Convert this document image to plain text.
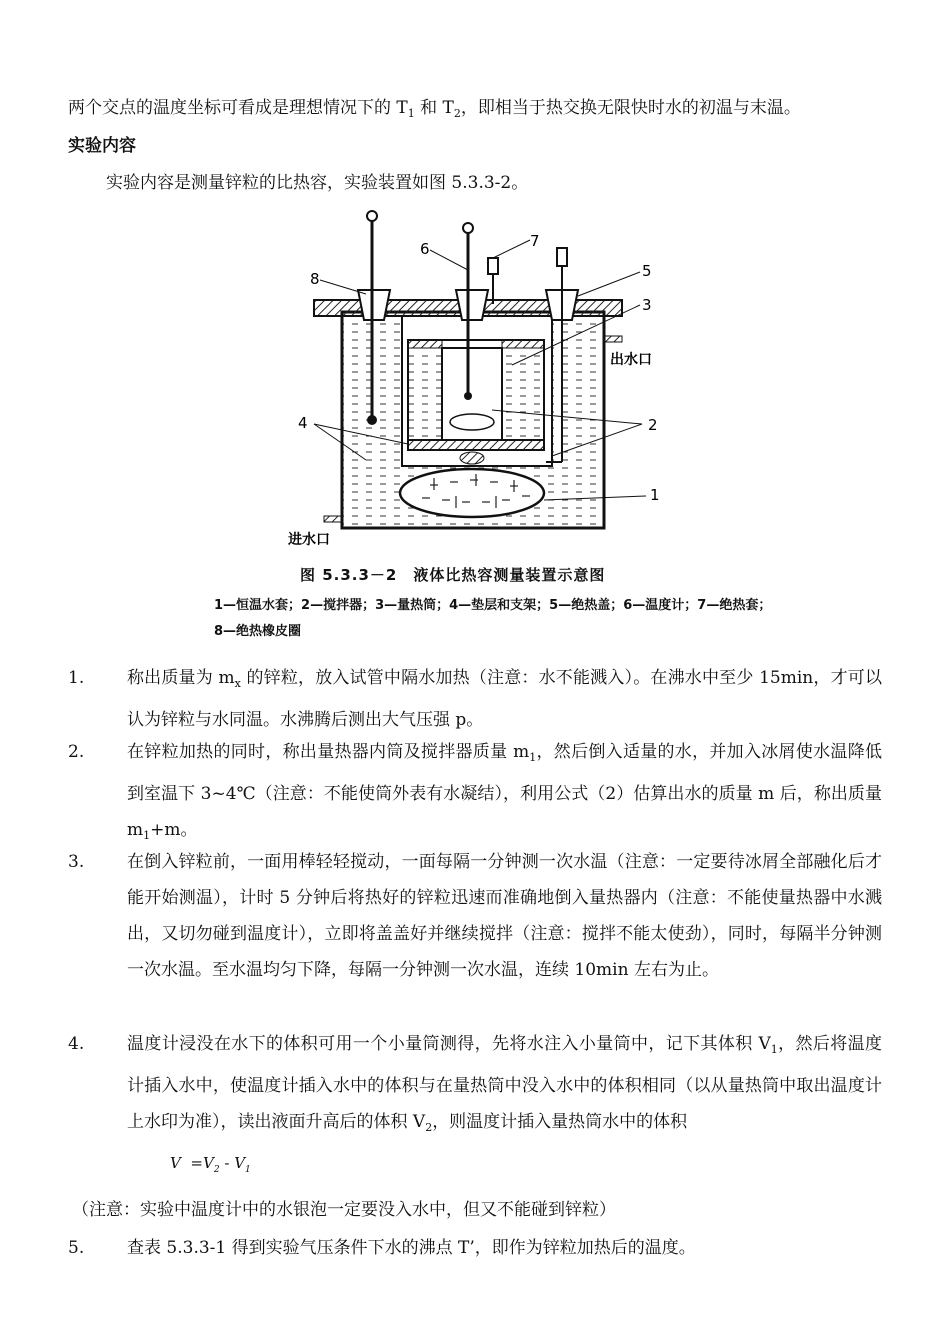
两个交点的温度坐标可看成是理想情况下的 $T_1$ 和 $T_2$，即相当于热交换无限快时水的初温与末温。
实验内容
实验内容是测量锌粒的比热容，实验装置如图 5.3.3-2。
8
6	7
5
3
出水口
4	2
1
进水口
图 5.3.3－2　液体比热容测量装置示意图
1—恒温水套；2—搅拌器；3—量热筒；4—垫层和支架；5—绝热盖；6—温度计；7—绝热套；8—绝热橡皮圈
1.	称出质量为 $m_x$ 的锌粒，放入试管中隔水加热（注意：水不能溅入）。在沸水中至少 15min，才可以认为锌粒与水同温。水沸腾后测出大气压强 p。
2.	在锌粒加热的同时，称出量热器内筒及搅拌器质量 $m_1$，然后倒入适量的水，并加入冰屑使水温降低到室温下 3~4℃（注意：不能使筒外表有水凝结），利用公式（2）估算出水的质量 m 后，称出质量 $m_1+m$。
3.	在倒入锌粒前，一面用棒轻轻搅动，一面每隔一分钟测一次水温（注意：一定要待冰屑全部融化后才能开始测温），计时 5 分钟后将热好的锌粒迅速而准确地倒入量热器内（注意：不能使量热器中水溅出，又切勿碰到温度计），立即将盖盖好并继续搅拌（注意：搅拌不能太使劲），同时，每隔半分钟测一次水温。至水温均匀下降，每隔一分钟测一次水温，连续 10min 左右为止。
4.	温度计浸没在水下的体积可用一个小量筒测得，先将水注入小量筒中，记下其体积 $V_1$，然后将温度计插入水中，使温度计插入水中的体积与在量热筒中没入水中的体积相同（以从量热筒中取出温度计上水印为准），读出液面升高后的体积 $V_2$，则温度计插入量热筒水中的体积
$V =V_2 - V_1$
（注意：实验中温度计中的水银泡一定要没入水中，但又不能碰到锌粒）
5.	查表 5.3.3-1 得到实验气压条件下水的沸点 T’，即作为锌粒加热后的温度。
